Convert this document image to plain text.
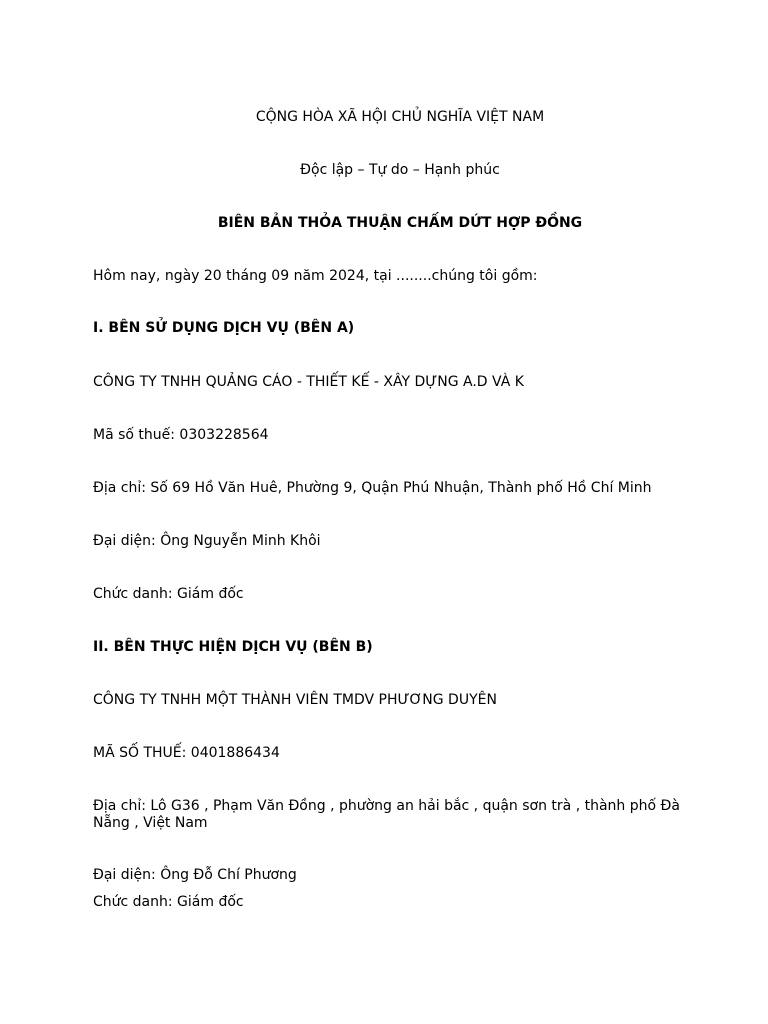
CỘNG HÒA XÃ HỘI CHỦ NGHĨA VIỆT NAM
Độc lập – Tự do – Hạnh phúc
BIÊN BẢN THỎA THUẬN CHẤM DỨT HỢP ĐỒNG
Hôm nay, ngày 20 tháng 09 năm 2024, tại ........chúng tôi gồm:
I. BÊN SỬ DỤNG DỊCH VỤ (BÊN A)
CÔNG TY TNHH QUẢNG CÁO - THIẾT KẾ - XÂY DỰNG A.D VÀ K
Mã số thuế: 0303228564
Địa chỉ: Số 69 Hồ Văn Huê, Phường 9, Quận Phú Nhuận, Thành phố Hồ Chí Minh
Đại diện: Ông Nguyễn Minh Khôi
Chức danh: Giám đốc
II. BÊN THỰC HIỆN DỊCH VỤ (BÊN B)
CÔNG TY TNHH MỘT THÀNH VIÊN TMDV PHƯƠNG DUYÊN
MÃ SỐ THUẾ: 0401886434
Địa chỉ: Lô G36 , Phạm Văn Đồng , phường an hải bắc , quận sơn trà , thành phố Đà
Nẵng , Việt Nam
Đại diện: Ông Đỗ Chí Phương
Chức danh: Giám đốc
